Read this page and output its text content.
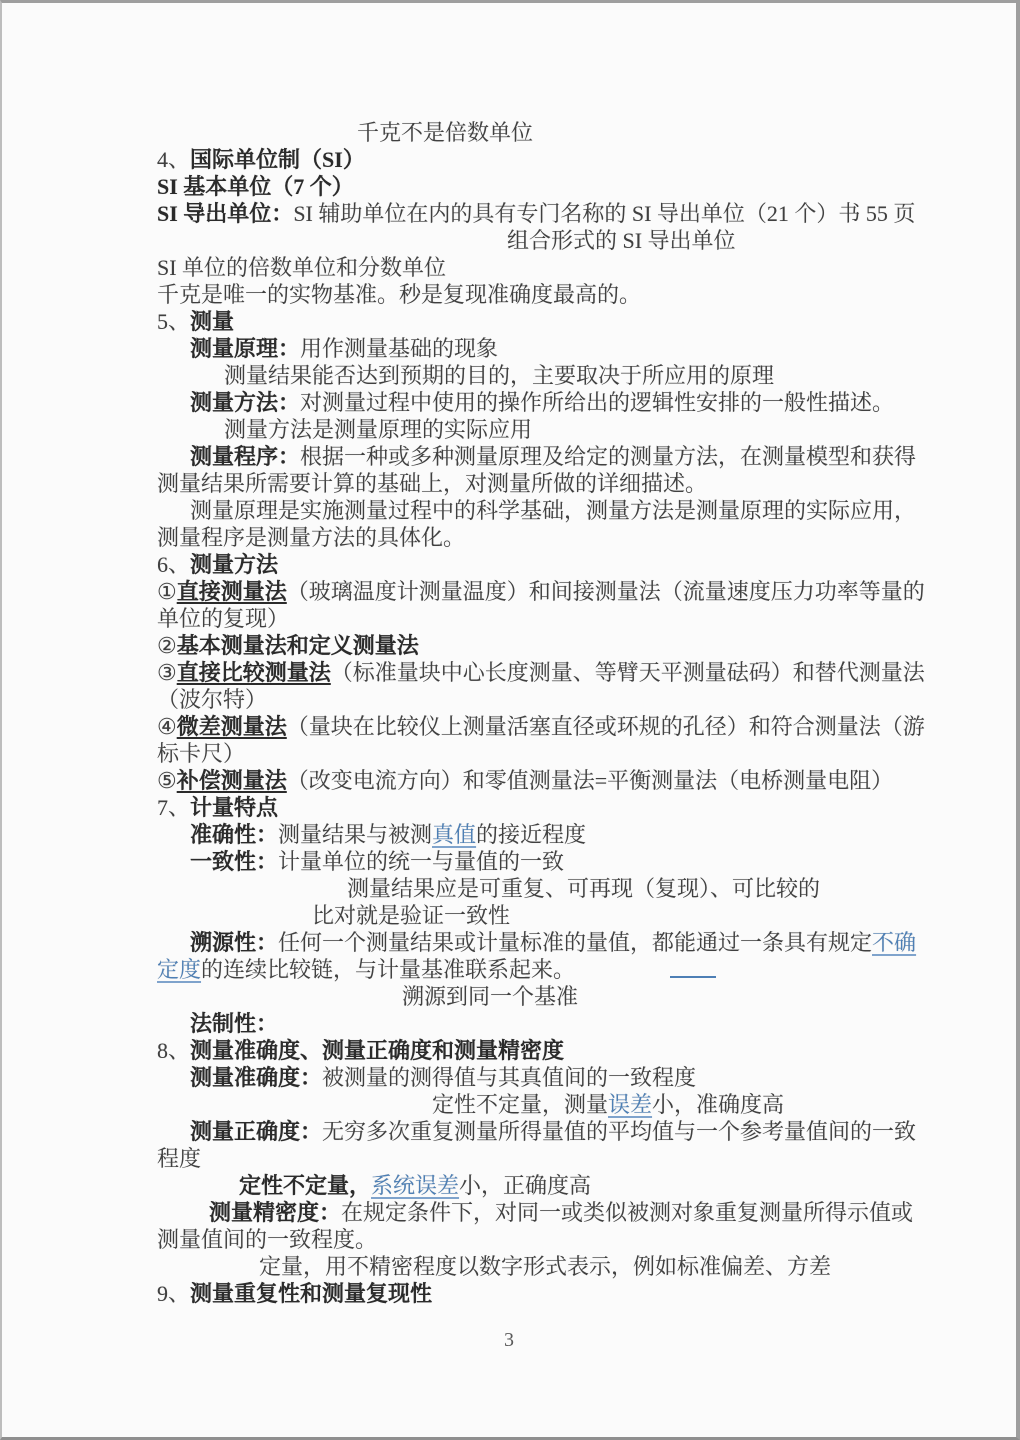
千克不是倍数单位
4、国际单位制（SI）
SI 基本单位（7 个）
SI 导出单位：SI 辅助单位在内的具有专门名称的 SI 导出单位（21 个）书 55 页
组合形式的 SI 导出单位
SI 单位的倍数单位和分数单位
千克是唯一的实物基准。秒是复现准确度最高的。
5、测量
测量原理：用作测量基础的现象
测量结果能否达到预期的目的，主要取决于所应用的原理
测量方法：对测量过程中使用的操作所给出的逻辑性安排的一般性描述。
测量方法是测量原理的实际应用
测量程序：根据一种或多种测量原理及给定的测量方法，在测量模型和获得
测量结果所需要计算的基础上，对测量所做的详细描述。
测量原理是实施测量过程中的科学基础，测量方法是测量原理的实际应用，
测量程序是测量方法的具体化。
6、测量方法
①直接测量法（玻璃温度计测量温度）和间接测量法（流量速度压力功率等量的
单位的复现）
②基本测量法和定义测量法
③直接比较测量法（标准量块中心长度测量、等臂天平测量砝码）和替代测量法
（波尔特）
④微差测量法（量块在比较仪上测量活塞直径或环规的孔径）和符合测量法（游
标卡尺）
⑤补偿测量法（改变电流方向）和零值测量法=平衡测量法（电桥测量电阻）
7、计量特点
准确性：测量结果与被测真值的接近程度
一致性：计量单位的统一与量值的一致
测量结果应是可重复、可再现（复现）、可比较的
比对就是验证一致性
溯源性：任何一个测量结果或计量标准的量值，都能通过一条具有规定不确
定度的连续比较链，与计量基准联系起来。
溯源到同一个基准
法制性：
8、测量准确度、测量正确度和测量精密度
测量准确度：被测量的测得值与其真值间的一致程度
定性不定量，测量误差小，准确度高
测量正确度：无穷多次重复测量所得量值的平均值与一个参考量值间的一致
程度
定性不定量，系统误差小，正确度高
测量精密度：在规定条件下，对同一或类似被测对象重复测量所得示值或
测量值间的一致程度。
定量，用不精密程度以数字形式表示，例如标准偏差、方差
9、测量重复性和测量复现性
3
